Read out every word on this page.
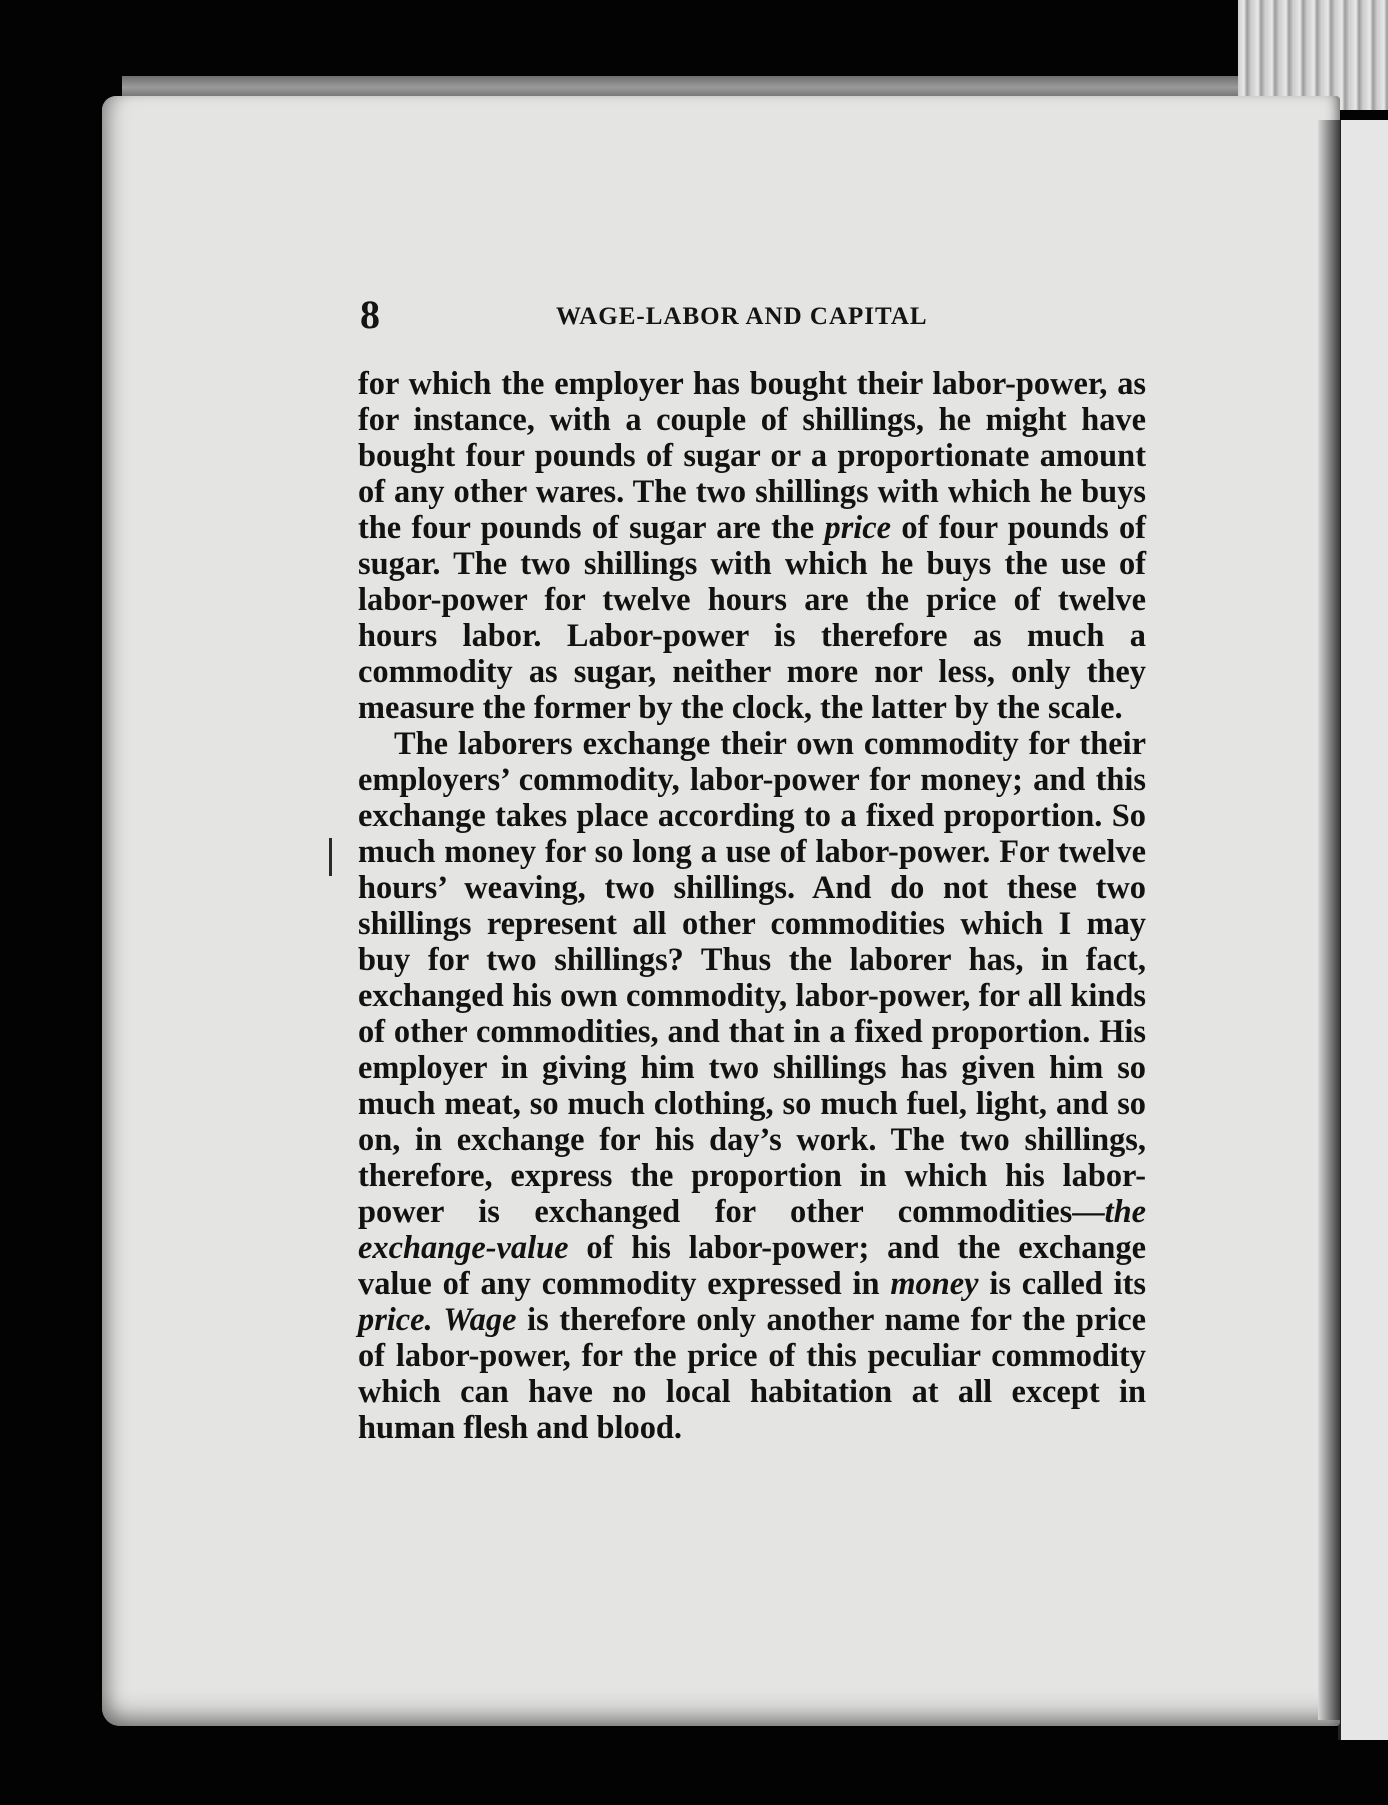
8	WAGE-LABOR AND CAPITAL

for which the employer has bought their labor-power, as for instance, with a couple of shillings, he might have bought four pounds of sugar or a proportionate amount of any other wares. The two shillings with which he buys the four pounds of sugar are the price of four pounds of sugar. The two shillings with which he buys the use of labor-power for twelve hours are the price of twelve hours labor. Labor-power is therefore as much a commodity as sugar, neither more nor less, only they measure the former by the clock, the latter by the scale.

The laborers exchange their own commodity for their employers’ commodity, labor-power for money; and this exchange takes place according to a fixed proportion. So much money for so long a use of labor-power. For twelve hours’ weaving, two shillings. And do not these two shillings represent all other commodities which I may buy for two shillings? Thus the laborer has, in fact, exchanged his own commodity, labor-power, for all kinds of other commodities, and that in a fixed proportion. His employer in giving him two shillings has given him so much meat, so much clothing, so much fuel, light, and so on, in exchange for his day’s work. The two shillings, therefore, express the proportion in which his labor-power is exchanged for other commodities—the exchange-value of his labor-power; and the exchange value of any commodity expressed in money is called its price. Wage is therefore only another name for the price of labor-power, for the price of this peculiar commodity which can have no local habitation at all except in human flesh and blood.
